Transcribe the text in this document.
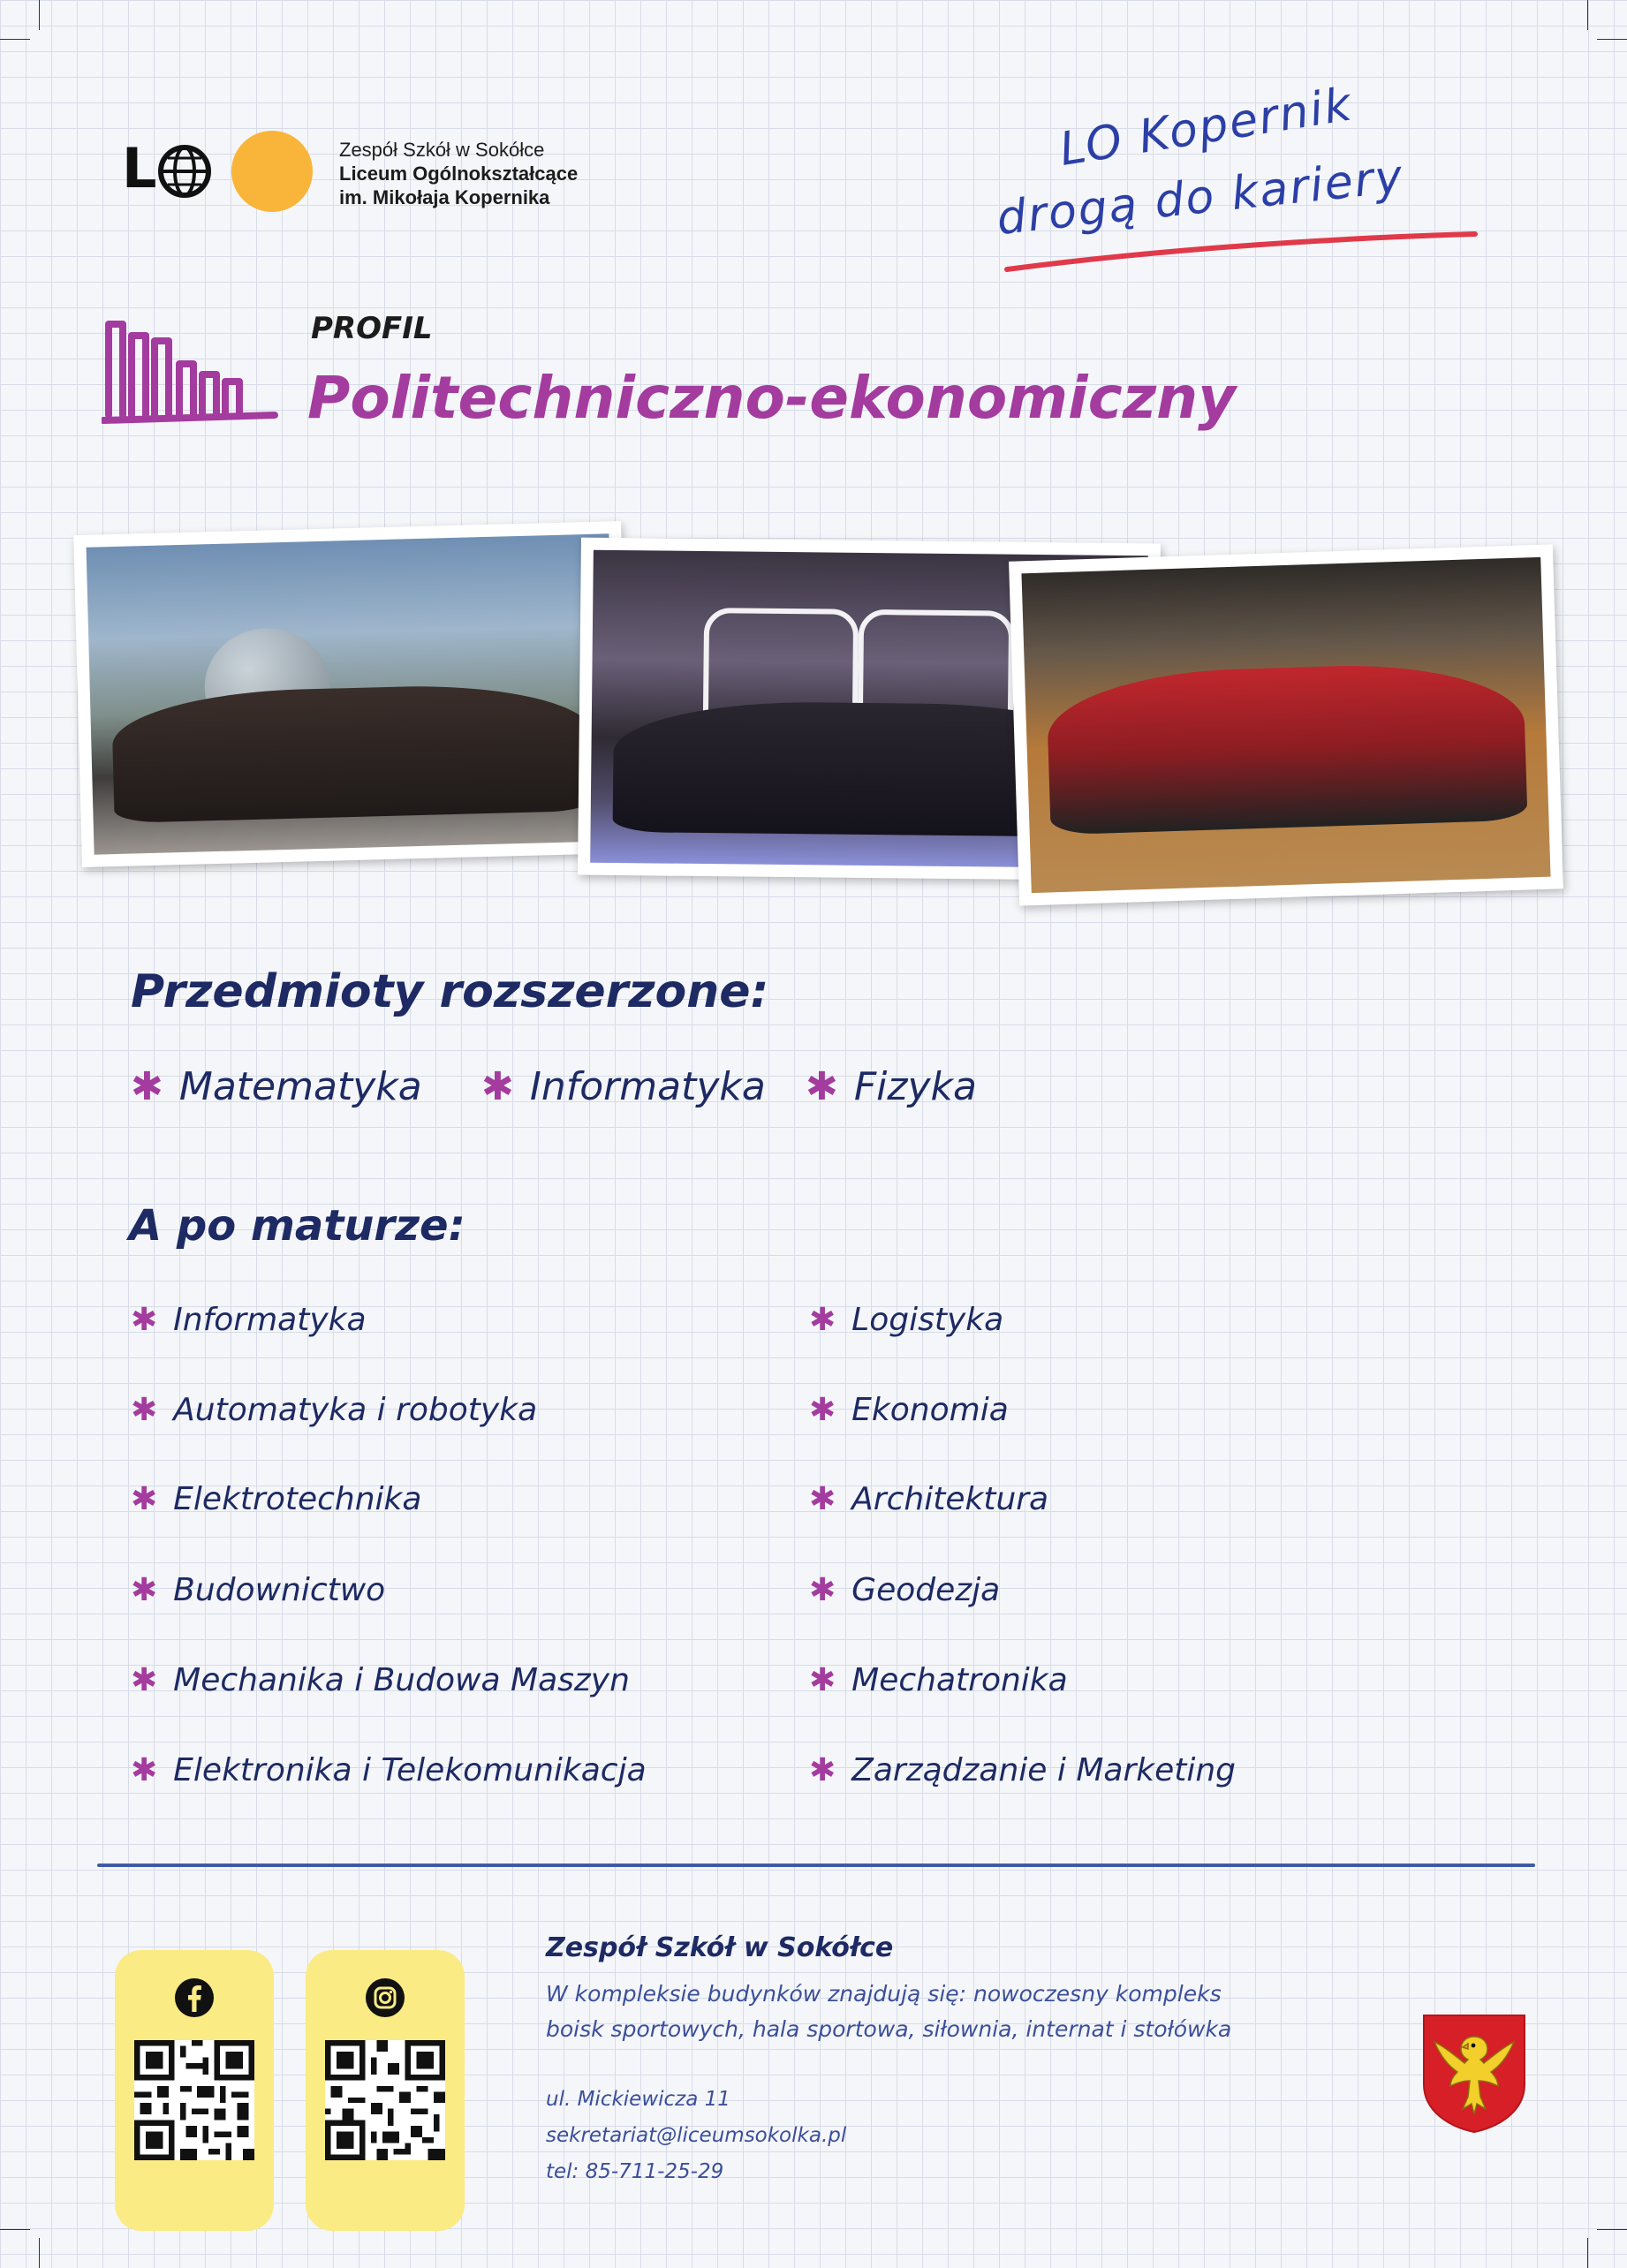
L	Zespół Szkół w Sokółce
Liceum Ogólnokształcące
im. Mikołaja Kopernika
LO Kopernik
drogą do kariery
PROFIL
Politechniczno-ekonomiczny
Przedmioty rozszerzone:
✱ Matematyka ✱ Informatyka ✱ Fizyka
A po maturze:
✱ Informatyka
✱ Automatyka i robotyka
✱ Elektrotechnika
✱ Budownictwo
✱ Mechanika i Budowa Maszyn
✱ Elektronika i Telekomunikacja
✱ Logistyka
✱ Ekonomia
✱ Architektura
✱ Geodezja
✱ Mechatronika
✱ Zarządzanie i Marketing
Zespół Szkół w Sokółce
W kompleksie budynków znajdują się: nowoczesny kompleks
boisk sportowych, hala sportowa, siłownia, internat i stołówka
ul. Mickiewicza 11
sekretariat@liceumsokolka.pl
tel: 85-711-25-29
